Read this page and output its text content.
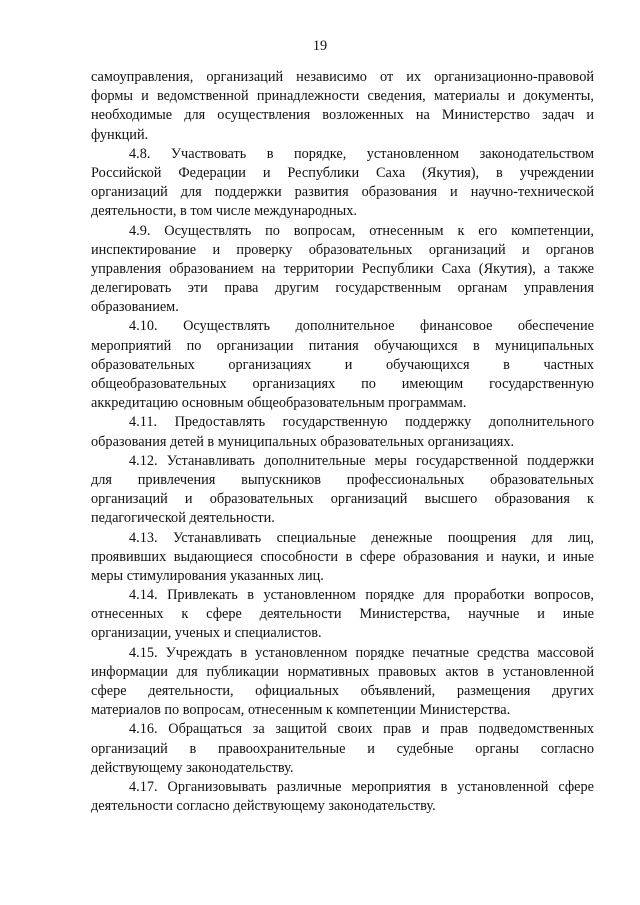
19
самоуправления, организаций независимо от их организационно-правовой
формы и ведомственной принадлежности сведения, материалы и документы,
необходимые для осуществления возложенных на Министерство задач и
функций.
4.8. Участвовать в порядке, установленном законодательством
Российской Федерации и Республики Саха (Якутия), в учреждении
организаций для поддержки развития образования и научно-технической
деятельности, в том числе международных.
4.9. Осуществлять по вопросам, отнесенным к его компетенции,
инспектирование и проверку образовательных организаций и органов
управления образованием на территории Республики Саха (Якутия), а также
делегировать эти права другим государственным органам управления
образованием.
4.10. Осуществлять дополнительное финансовое обеспечение
мероприятий по организации питания обучающихся в муниципальных
образовательных организациях и обучающихся в частных
общеобразовательных организациях по имеющим государственную
аккредитацию основным общеобразовательным программам.
4.11. Предоставлять государственную поддержку дополнительного
образования детей в муниципальных образовательных организациях.
4.12. Устанавливать дополнительные меры государственной поддержки
для привлечения выпускников профессиональных образовательных
организаций и образовательных организаций высшего образования к
педагогической деятельности.
4.13. Устанавливать специальные денежные поощрения для лиц,
проявивших выдающиеся способности в сфере образования и науки, и иные
меры стимулирования указанных лиц.
4.14. Привлекать в установленном порядке для проработки вопросов,
отнесенных к сфере деятельности Министерства, научные и иные
организации, ученых и специалистов.
4.15. Учреждать в установленном порядке печатные средства массовой
информации для публикации нормативных правовых актов в установленной
сфере деятельности, официальных объявлений, размещения других
материалов по вопросам, отнесенным к компетенции Министерства.
4.16. Обращаться за защитой своих прав и прав подведомственных
организаций в правоохранительные и судебные органы согласно
действующему законодательству.
4.17. Организовывать различные мероприятия в установленной сфере
деятельности согласно действующему законодательству.
